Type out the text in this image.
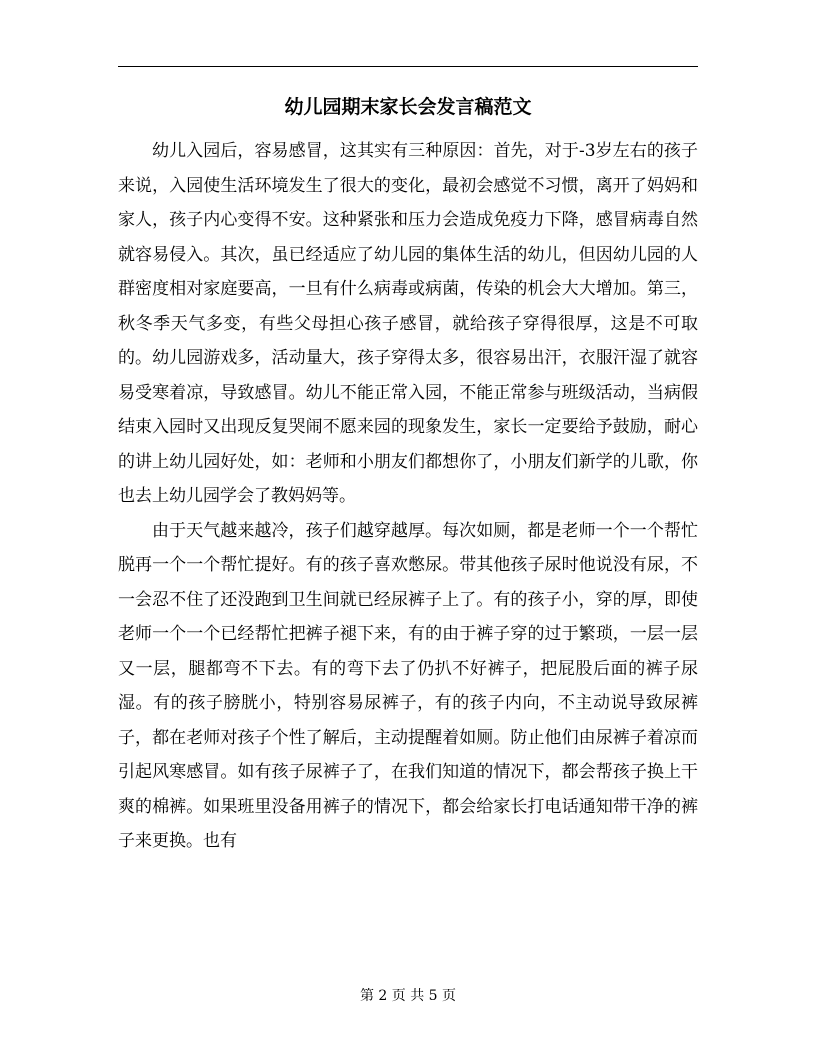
幼儿园期末家长会发言稿范文

幼儿入园后，容易感冒，这其实有三种原因：首先，对于-3岁左右的孩子来说，入园使生活环境发生了很大的变化，最初会感觉不习惯，离开了妈妈和家人，孩子内心变得不安。这种紧张和压力会造成免疫力下降，感冒病毒自然就容易侵入。其次，虽已经适应了幼儿园的集体生活的幼儿，但因幼儿园的人群密度相对家庭要高，一旦有什么病毒或病菌，传染的机会大大增加。第三，秋冬季天气多变，有些父母担心孩子感冒，就给孩子穿得很厚，这是不可取的。幼儿园游戏多，活动量大，孩子穿得太多，很容易出汗，衣服汗湿了就容易受寒着凉，导致感冒。幼儿不能正常入园，不能正常参与班级活动，当病假结束入园时又出现反复哭闹不愿来园的现象发生，家长一定要给予鼓励，耐心的讲上幼儿园好处，如：老师和小朋友们都想你了，小朋友们新学的儿歌，你也去上幼儿园学会了教妈妈等。

由于天气越来越冷，孩子们越穿越厚。每次如厕，都是老师一个一个帮忙脱再一个一个帮忙提好。有的孩子喜欢憋尿。带其他孩子尿时他说没有尿，不一会忍不住了还没跑到卫生间就已经尿裤子上了。有的孩子小，穿的厚，即使老师一个一个已经帮忙把裤子褪下来，有的由于裤子穿的过于繁琐，一层一层又一层，腿都弯不下去。有的弯下去了仍扒不好裤子，把屁股后面的裤子尿湿。有的孩子膀胱小，特别容易尿裤子，有的孩子内向，不主动说导致尿裤子，都在老师对孩子个性了解后，主动提醒着如厕。防止他们由尿裤子着凉而引起风寒感冒。如有孩子尿裤子了，在我们知道的情况下，都会帮孩子换上干爽的棉裤。如果班里没备用裤子的情况下，都会给家长打电话通知带干净的裤子来更换。也有

第 2 页 共 5 页
